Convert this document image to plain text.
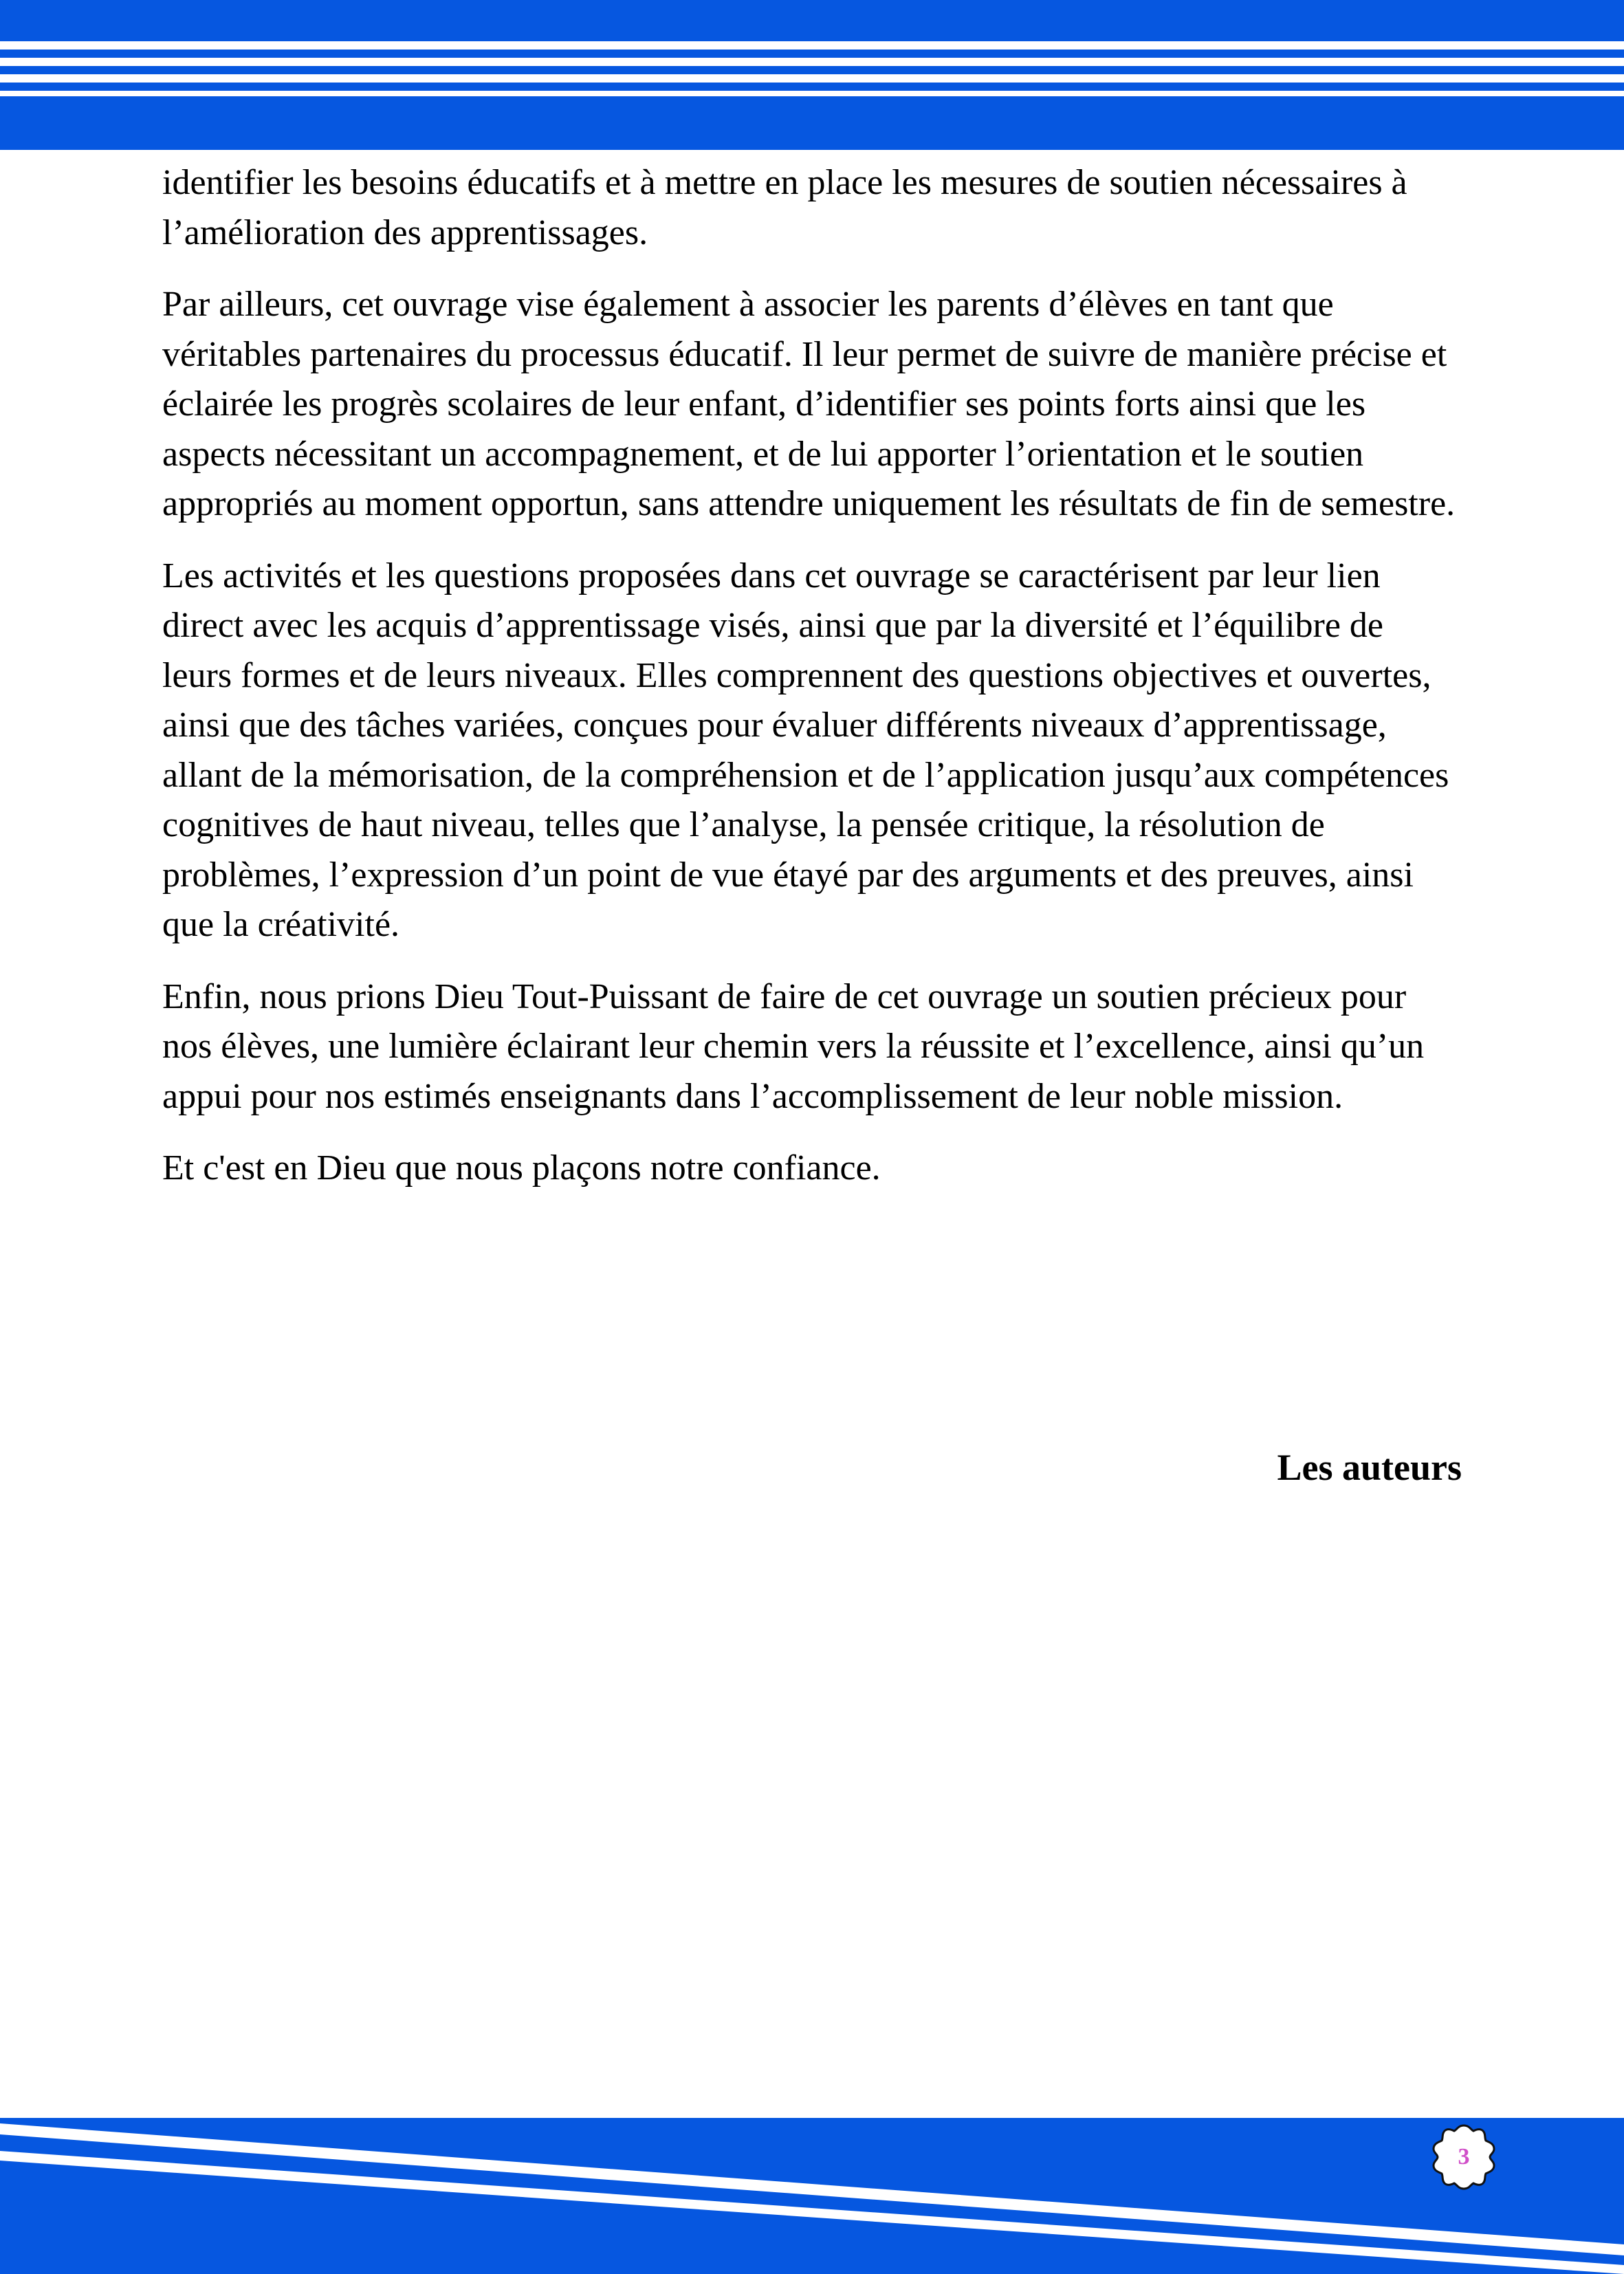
identifier les besoins éducatifs et à mettre en place les mesures de soutien nécessaires à l’amélioration des apprentissages.

Par ailleurs, cet ouvrage vise également à associer les parents d’élèves en tant que véritables partenaires du processus éducatif. Il leur permet de suivre de manière précise et éclairée les progrès scolaires de leur enfant, d’identifier ses points forts ainsi que les aspects nécessitant un accompagnement, et de lui apporter l’orientation et le soutien appropriés au moment opportun, sans attendre uniquement les résultats de fin de semestre.

Les activités et les questions proposées dans cet ouvrage se caractérisent par leur lien direct avec les acquis d’apprentissage visés, ainsi que par la diversité et l’équilibre de leurs formes et de leurs niveaux. Elles comprennent des questions objectives et ouvertes, ainsi que des tâches variées, conçues pour évaluer différents niveaux d’apprentissage, allant de la mémorisation, de la compréhension et de l’application jusqu’aux compétences cognitives de haut niveau, telles que l’analyse, la pensée critique, la résolution de problèmes, l’expression d’un point de vue étayé par des arguments et des preuves, ainsi que la créativité.

Enfin, nous prions Dieu Tout-Puissant de faire de cet ouvrage un soutien précieux pour nos élèves, une lumière éclairant leur chemin vers la réussite et l’excellence, ainsi qu’un appui pour nos estimés enseignants dans l’accomplissement de leur noble mission.

Et c'est en Dieu que nous plaçons notre confiance.

Les auteurs
3
